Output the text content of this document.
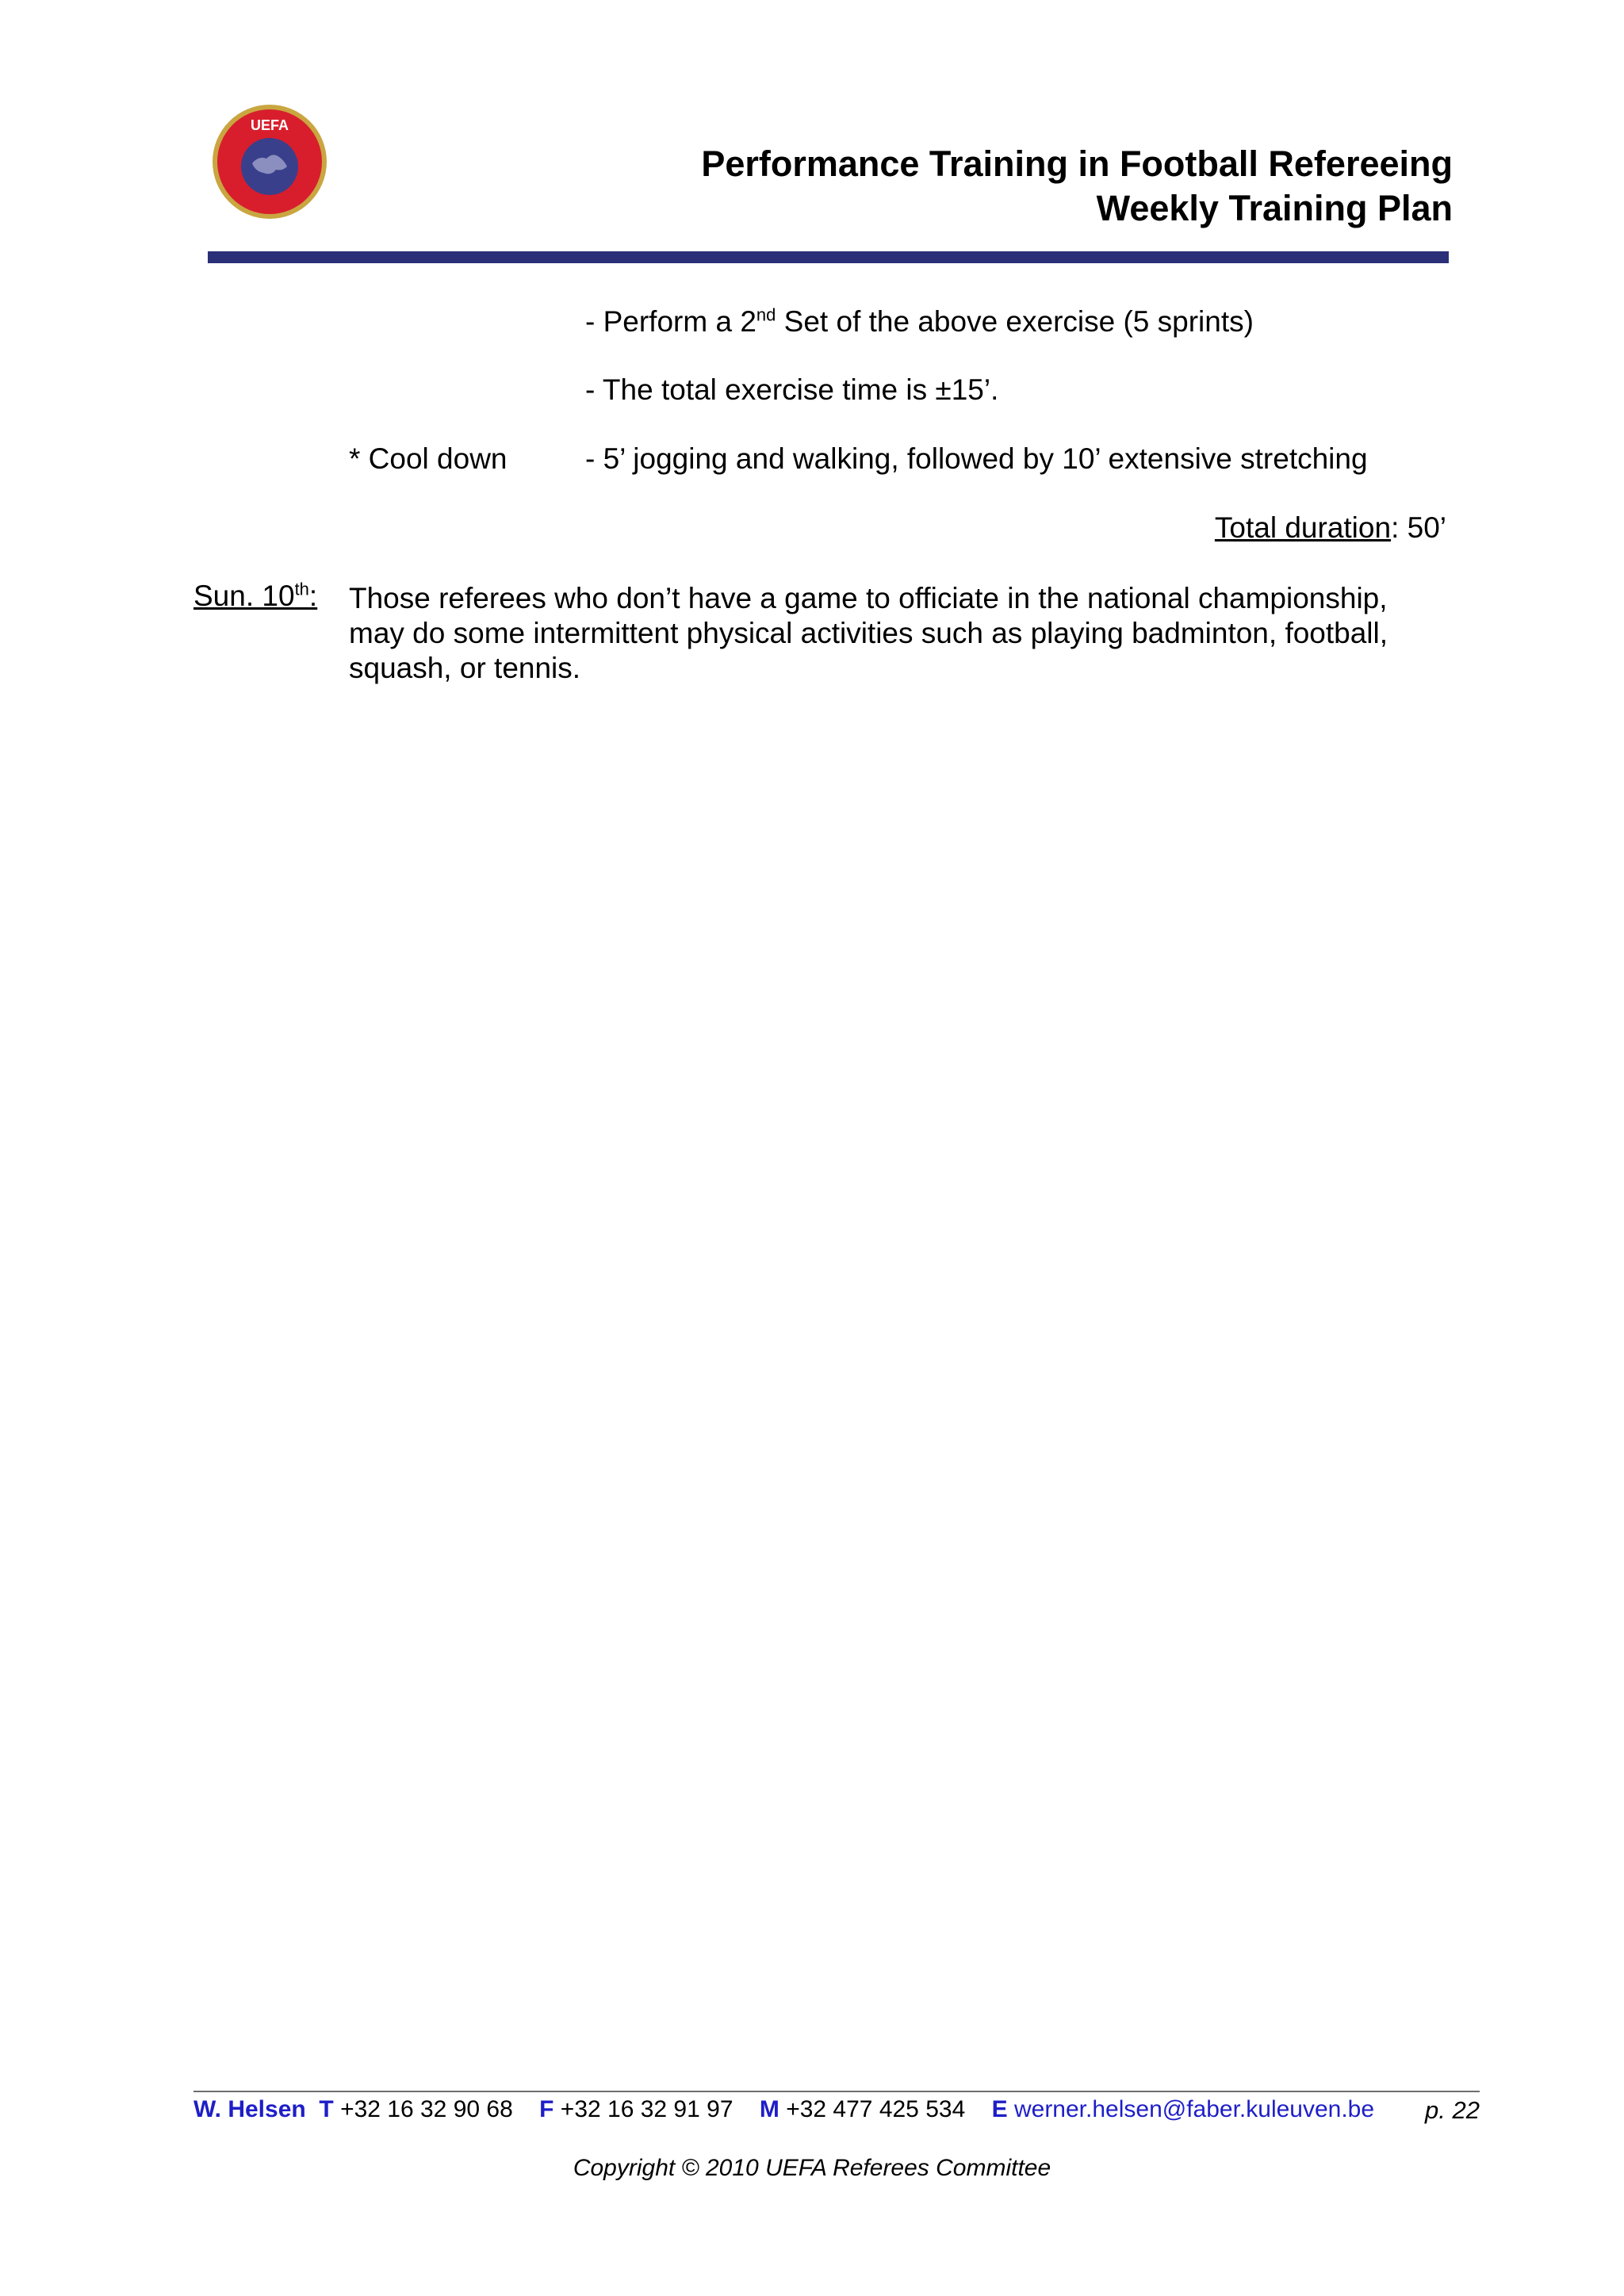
UEFA
Performance Training in Football Refereeing
Weekly Training Plan
- Perform a 2nd Set of the above exercise (5 sprints)
- The total exercise time is ±15’.
* Cool down	- 5’ jogging and walking, followed by 10’ extensive stretching
Total duration: 50’
Sun. 10th: Those referees who don’t have a game to officiate in the national championship, may do some intermittent physical activities such as playing badminton, football, squash, or tennis.
W. Helsen T +32 16 32 90 68 F +32 16 32 91 97 M +32 477 425 534 E werner.helsen@faber.kuleuven.be p. 22
Copyright © 2010 UEFA Referees Committee
